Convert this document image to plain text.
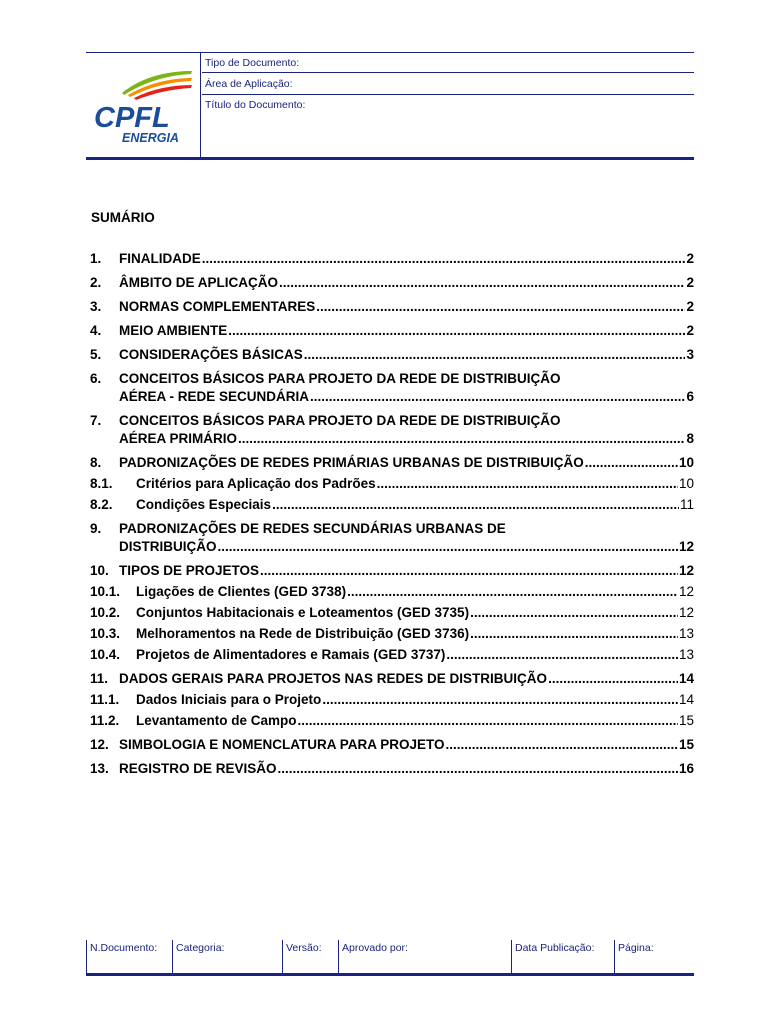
CPFL
ENERGIA
Tipo de Documento:
Área de Aplicação:
Título do Documento:
SUMÁRIO
1.	FINALIDADE .....	2
2.	ÂMBITO DE APLICAÇÃO .....	2
3.	NORMAS COMPLEMENTARES .....	2
4.	MEIO AMBIENTE .....	2
5.	CONSIDERAÇÕES BÁSICAS .....	3
6.	CONCEITOS BÁSICOS PARA PROJETO DA REDE DE DISTRIBUIÇÃO
AÉREA - REDE SECUNDÁRIA .....	6
7.	CONCEITOS BÁSICOS PARA PROJETO DA REDE DE DISTRIBUIÇÃO
AÉREA PRIMÁRIO .....	8
8.	PADRONIZAÇÕES DE REDES PRIMÁRIAS URBANAS DE DISTRIBUIÇÃO .....	10
8.1.	Critérios para Aplicação dos Padrões .....	10
8.2.	Condições Especiais .....	11
9.	PADRONIZAÇÕES DE REDES SECUNDÁRIAS URBANAS DE
DISTRIBUIÇÃO .....	12
10. TIPOS DE PROJETOS .....	12
10.1.	Ligações de Clientes (GED 3738) .....	12
10.2.	Conjuntos Habitacionais e Loteamentos (GED 3735) .....	12
10.3.	Melhoramentos na Rede de Distribuição (GED 3736) .....	13
10.4.	Projetos de Alimentadores e Ramais (GED 3737) .....	13
11. DADOS GERAIS PARA PROJETOS NAS REDES DE DISTRIBUIÇÃO .....	14
11.1.	Dados Iniciais para o Projeto .....	14
11.2.	Levantamento de Campo .....	15
12. SIMBOLOGIA E NOMENCLATURA PARA PROJETO .....	15
13. REGISTRO DE REVISÃO .....	16
N.Documento:	Categoria:	Versão:	Aprovado por:	Data Publicação:	Página:
